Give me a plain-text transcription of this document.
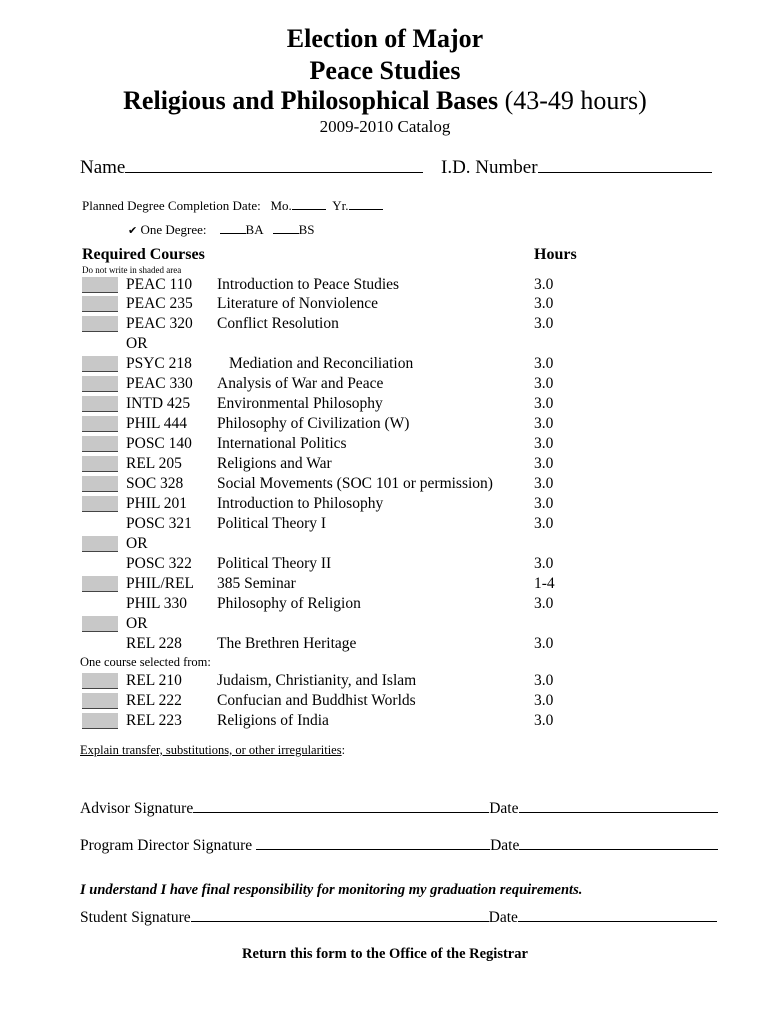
Election of Major
Peace Studies
Religious and Philosophical Bases (43-49 hours)
2009-2010 Catalog
Name	I.D. Number
Planned Degree Completion Date: Mo.	Yr.
✔ One Degree:	BA	BS
Required Courses	Hours
Do not write in shaded area
PEAC 110 Introduction to Peace Studies	3.0
PEAC 235 Literature of Nonviolence	3.0
PEAC 320 Conflict Resolution	3.0
OR
PSYC 218 Mediation and Reconciliation	3.0
PEAC 330 Analysis of War and Peace	3.0
INTD 425 Environmental Philosophy	3.0
PHIL 444 Philosophy of Civilization (W)	3.0
POSC 140 International Politics	3.0
REL 205 Religions and War	3.0
SOC 328 Social Movements (SOC 101 or permission)	3.0
PHIL 201 Introduction to Philosophy	3.0
POSC 321 Political Theory I	3.0
OR
POSC 322 Political Theory II	3.0
PHIL/REL 385 Seminar	1-4
PHIL 330 Philosophy of Religion	3.0
OR
REL 228 The Brethren Heritage	3.0
One course selected from:
REL 210 Judaism, Christianity, and Islam	3.0
REL 222 Confucian and Buddhist Worlds	3.0
REL 223 Religions of India	3.0
Explain transfer, substitutions, or other irregularities:
Advisor Signature	Date
Program Director Signature	Date
I understand I have final responsibility for monitoring my graduation requirements.
Student Signature	Date
Return this form to the Office of the Registrar
